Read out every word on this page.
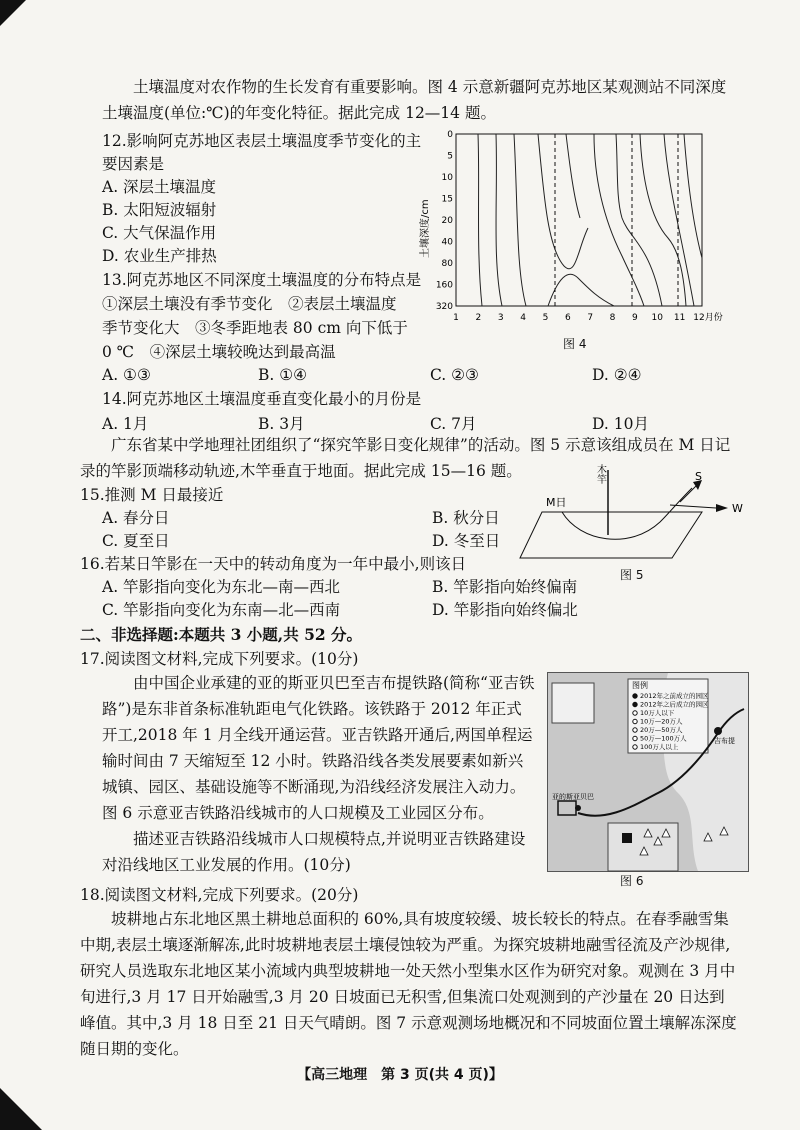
土壤温度对农作物的生长发育有重要影响。图 4 示意新疆阿克苏地区某观测站不同深度土壤温度(单位:℃)的年变化特征。据此完成 12—14 题。
12.影响阿克苏地区表层土壤温度季节变化的主
要因素是
A. 深层土壤温度
B. 太阳短波辐射
C. 大气保温作用
D. 农业生产排热
13.阿克苏地区不同深度土壤温度的分布特点是
①深层土壤没有季节变化　②表层土壤温度
季节变化大　③冬季距地表 80 cm 向下低于
0 ℃　④深层土壤较晚达到最高温
A. ①③	B. ①④	C. ②③	D. ②④
14.阿克苏地区土壤温度垂直变化最小的月份是
A. 1月	B. 3月	C. 7月	D. 10月
土壤深度/cm
0
5
10
15
20
40
80
160
320
1 2 3 4 5 6 7 8 9 10 11 12月份
图 4
广东省某中学地理社团组织了“探究竿影日变化规律”的活动。图 5 示意该组成员在 M 日记录的竿影顶端移动轨迹,木竿垂直于地面。据此完成 15—16 题。
15.推测 M 日最接近
A. 春分日	B. 秋分日
C. 夏至日	D. 冬至日
木竿
M日
S
W
图 5
16.若某日竿影在一天中的转动角度为一年中最小,则该日
A. 竿影指向变化为东北—南—西北	B. 竿影指向始终偏南
C. 竿影指向变化为东南—北—西南	D. 竿影指向始终偏北
二、非选择题:本题共 3 小题,共 52 分。
17.阅读图文材料,完成下列要求。(10分)
由中国企业承建的亚的斯亚贝巴至吉布提铁路(简称“亚吉铁路”)是东非首条标准轨距电气化铁路。该铁路于 2012 年正式开工,2018 年 1 月全线开通运营。亚吉铁路开通后,两国单程运输时间由 7 天缩短至 12 小时。铁路沿线各类发展要素如新兴城镇、园区、基础设施等不断涌现,为沿线经济发展注入动力。图 6 示意亚吉铁路沿线城市的人口规模及工业园区分布。
描述亚吉铁路沿线城市人口规模特点,并说明亚吉铁路建设对沿线地区工业发展的作用。(10分)
图例
2012年之前成立的园区
2012年之后成立的园区
10万人以下
10万—20万人
20万—50万人
50万—100万人
100万人以上
吉布提
亚的斯亚贝巴
图 6
18.阅读图文材料,完成下列要求。(20分)
坡耕地占东北地区黑土耕地总面积的 60%,具有坡度较缓、坡长较长的特点。在春季融雪集中期,表层土壤逐渐解冻,此时坡耕地表层土壤侵蚀较为严重。为探究坡耕地融雪径流及产沙规律,研究人员选取东北地区某小流域内典型坡耕地一处天然小型集水区作为研究对象。观测在 3 月中旬进行,3 月 17 日开始融雪,3 月 20 日坡面已无积雪,但集流口处观测到的产沙量在 20 日达到峰值。其中,3 月 18 日至 21 日天气晴朗。图 7 示意观测场地概况和不同坡面位置土壤解冻深度随日期的变化。
【高三地理　第 3 页(共 4 页)】
